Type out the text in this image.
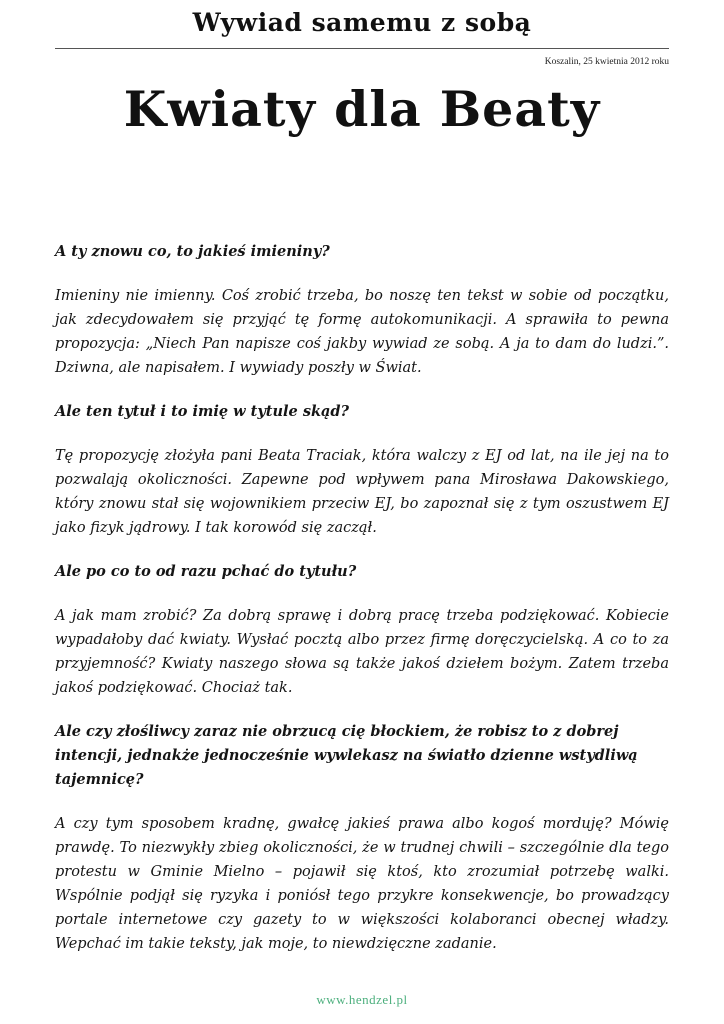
Wywiad samemu z sobą
Koszalin, 25 kwietnia 2012 roku
Kwiaty dla Beaty

A ty znowu co, to jakieś imieniny?

Imieniny nie imienny. Coś zrobić trzeba, bo noszę ten tekst w sobie od początku, jak zdecydowałem się przyjąć tę formę autokomunikacji. A sprawiła to pewna propozycja: „Niech Pan napisze coś jakby wywiad ze sobą. A ja to dam do ludzi.”. Dziwna, ale napisałem. I wywiady poszły w Świat.

Ale ten tytuł i to imię w tytule skąd?

Tę propozycję złożyła pani Beata Traciak, która walczy z EJ od lat, na ile jej na to pozwalają okoliczności. Zapewne pod wpływem pana Mirosława Dakowskiego, który znowu stał się wojownikiem przeciw EJ, bo zapoznał się z tym oszustwem EJ jako fizyk jądrowy. I tak korowód się zaczął.

Ale po co to od razu pchać do tytułu?

A jak mam zrobić? Za dobrą sprawę i dobrą pracę trzeba podziękować. Kobiecie wypadałoby dać kwiaty. Wysłać pocztą albo przez firmę doręczycielską. A co to za przyjemność? Kwiaty naszego słowa są także jakoś dziełem bożym. Zatem trzeba jakoś podziękować. Chociaż tak.

Ale czy złośliwcy zaraz nie obrzucą cię błockiem, że robisz to z dobrej intencji, jednakże jednocześnie wywlekasz na światło dzienne wstydliwą tajemnicę?

A czy tym sposobem kradnę, gwałcę jakieś prawa albo kogoś morduję? Mówię prawdę. To niezwykły zbieg okoliczności, że w trudnej chwili – szczególnie dla tego protestu w Gminie Mielno – pojawił się ktoś, kto zrozumiał potrzebę walki. Wspólnie podjął się ryzyka i poniósł tego przykre konsekwencje, bo prowadzący portale internetowe czy gazety to w większości kolaboranci obecnej władzy. Wepchać im takie teksty, jak moje, to niewdzięczne zadanie.

www.hendzel.pl
